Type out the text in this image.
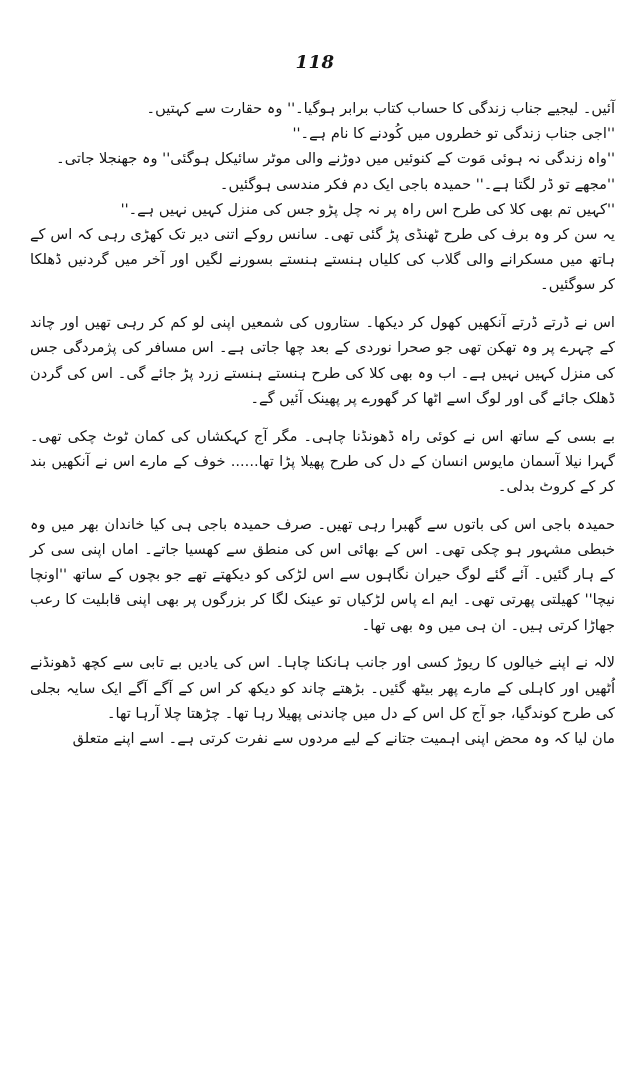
118

آئیں۔ لیجیے جناب زندگی کا حساب کتاب برابر ہوگیا۔'' وہ حقارت سے کہتیں۔
''اجی جناب زندگی تو خطروں میں کُودنے کا نام ہے۔''
''واہ زندگی نہ ہوئی مَوت کے کنوئیں میں دوڑنے والی موٹر سائیکل ہوگئی'' وہ جھنجلا جاتی۔
''مجھے تو ڈر لگتا ہے۔'' حمیدہ باجی ایک دم فکر مندسی ہوگئیں۔
''کہیں تم بھی کلا کی طرح اس راہ پر نہ چل پڑو جس کی منزل کہیں نہیں ہے۔''

یہ سن کر وہ برف کی طرح ٹھنڈی پڑ گئی تھی۔ سانس روکے اتنی دیر تک کھڑی رہی کہ اس کے ہاتھ میں مسکرانے والی گلاب کی کلیاں ہنستے ہنستے بسورنے لگیں اور آخر میں گردنیں ڈھلکا کر سوگئیں۔

اس نے ڈرتے ڈرتے آنکھیں کھول کر دیکھا۔ ستاروں کی شمعیں اپنی لو کم کر رہی تھیں اور چاند کے چہرے پر وہ تھکن تھی جو صحرا نوردی کے بعد چھا جاتی ہے۔ اس مسافر کی پژمردگی جس کی منزل کہیں نہیں ہے۔ اب وہ بھی کلا کی طرح ہنستے ہنستے زرد پڑ جائے گی۔ اس کی گردن ڈھلک جائے گی اور لوگ اسے اٹھا کر گھورے پر پھینک آئیں گے۔

بے بسی کے ساتھ اس نے کوئی راہ ڈھونڈنا چاہی۔ مگر آج کہکشاں کی کمان ٹوٹ چکی تھی۔ گہرا نیلا آسمان مایوس انسان کے دل کی طرح پھیلا پڑا تھا...... خوف کے مارے اس نے آنکھیں بند کر کے کروٹ بدلی۔

حمیدہ باجی اس کی باتوں سے گھبرا رہی تھیں۔ صرف حمیدہ باجی ہی کیا خاندان بھر میں وہ خبطی مشہور ہو چکی تھی۔ اس کے بھائی اس کی منطق سے کھسیا جاتے۔ اماں اپنی سی کر کے ہار گئیں۔ آئے گئے لوگ حیران نگاہوں سے اس لڑکی کو دیکھتے تھے جو بچوں کے ساتھ ''اونچا نیچا'' کھیلتی پھرتی تھی۔ ایم اے پاس لڑکیاں تو عینک لگا کر بزرگوں پر بھی اپنی قابلیت کا رعب جھاڑا کرتی ہیں۔ ان ہی میں وہ بھی تھا۔

لالہ نے اپنے خیالوں کا ریوڑ کسی اور جانب ہانکنا چاہا۔ اس کی یادیں بے تابی سے کچھ ڈھونڈنے اُٹھیں اور کاہلی کے مارے پھر بیٹھ گئیں۔ بڑھتے چاند کو دیکھ کر اس کے آگے آگے ایک سایہ بجلی کی طرح کوندگیا، جو آج کل اس کے دل میں چاندنی پھیلا رہا تھا۔ چڑھتا چلا آرہا تھا۔
مان لیا کہ وہ محض اپنی اہمیت جتانے کے لیے مردوں سے نفرت کرتی ہے۔ اسے اپنے متعلق
